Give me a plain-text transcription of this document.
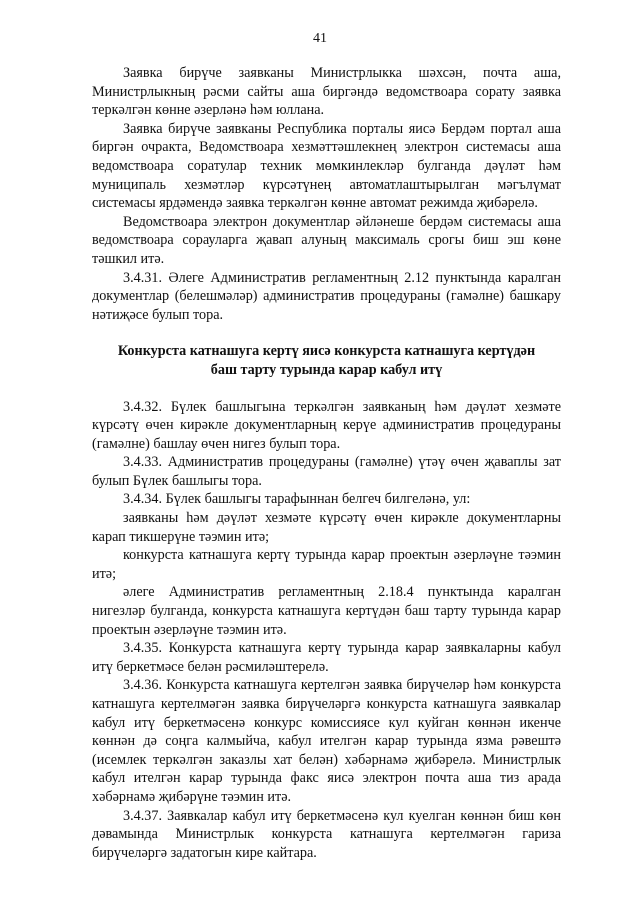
41

Заявка бирүче заявканы Министрлыкка шәхсән, почта аша, Министрлыкның рәсми сайты аша биргәндә ведомствоара сорату заявка теркәлгән көнне әзерләнә һәм юллана.

Заявка бирүче заявканы Республика порталы яисә Бердәм портал аша биргән очракта, Ведомствоара хезмәттәшлекнең электрон системасы аша ведомствоара соратулар техник мөмкинлекләр булганда дәүләт һәм муниципаль хезмәтләр күрсәтүнең автоматлаштырылган мәгълүмат системасы ярдәмендә заявка теркәлгән көнне автомат режимда җибәрелә.

Ведомствоара электрон документлар әйләнеше бердәм системасы аша ведомствоара сорауларга җавап алуның максималь срогы биш эш көне тәшкил итә.

3.4.31. Әлеге Административ регламентның 2.12 пунктында каралган документлар (белешмәләр) административ процедураны (гамәлне) башкару нәтиҗәсе булып тора.

Конкурста катнашуга кертү яисә конкурста катнашуга кертүдән баш тарту турында карар кабул итү

3.4.32. Бүлек башлыгына теркәлгән заявканың һәм дәүләт хезмәте күрсәтү өчен кирәкле документларның керүе административ процедураны (гамәлне) башлау өчен нигез булып тора.

3.4.33. Административ процедураны (гамәлне) үтәү өчен җаваплы зат булып Бүлек башлыгы тора.

3.4.34. Бүлек башлыгы тарафыннан белгеч билгеләнә, ул:

заявканы һәм дәүләт хезмәте күрсәтү өчен кирәкле документларны карап тикшерүне тәэмин итә;

конкурста катнашуга кертү турында карар проектын әзерләүне тәэмин итә;

әлеге Административ регламентның 2.18.4 пунктында каралган нигезләр булганда, конкурста катнашуга кертүдән баш тарту турында карар проектын әзерләүне тәэмин итә.

3.4.35. Конкурста катнашуга кертү турында карар заявкаларны кабул итү беркетмәсе белән рәсмиләштерелә.

3.4.36. Конкурста катнашуга кертелгән заявка бирүчеләр һәм конкурста катнашуга кертелмәгән заявка бирүчеләргә конкурста катнашуга заявкалар кабул итү беркетмәсенә конкурс комиссиясе кул куйган көннән икенче көннән дә соңга калмыйча, кабул ителгән карар турында язма рәвештә (исемлек теркәлгән заказлы хат белән) хәбәрнамә җибәрелә. Министрлык кабул ителгән карар турында факс яисә электрон почта аша тиз арада хәбәрнамә җибәрүне тәэмин итә.

3.4.37. Заявкалар кабул итү беркетмәсенә кул куелган көннән биш көн дәвамында Министрлык конкурста катнашуга кертелмәгән гариза бирүчеләргә задатогын кире кайтара.
